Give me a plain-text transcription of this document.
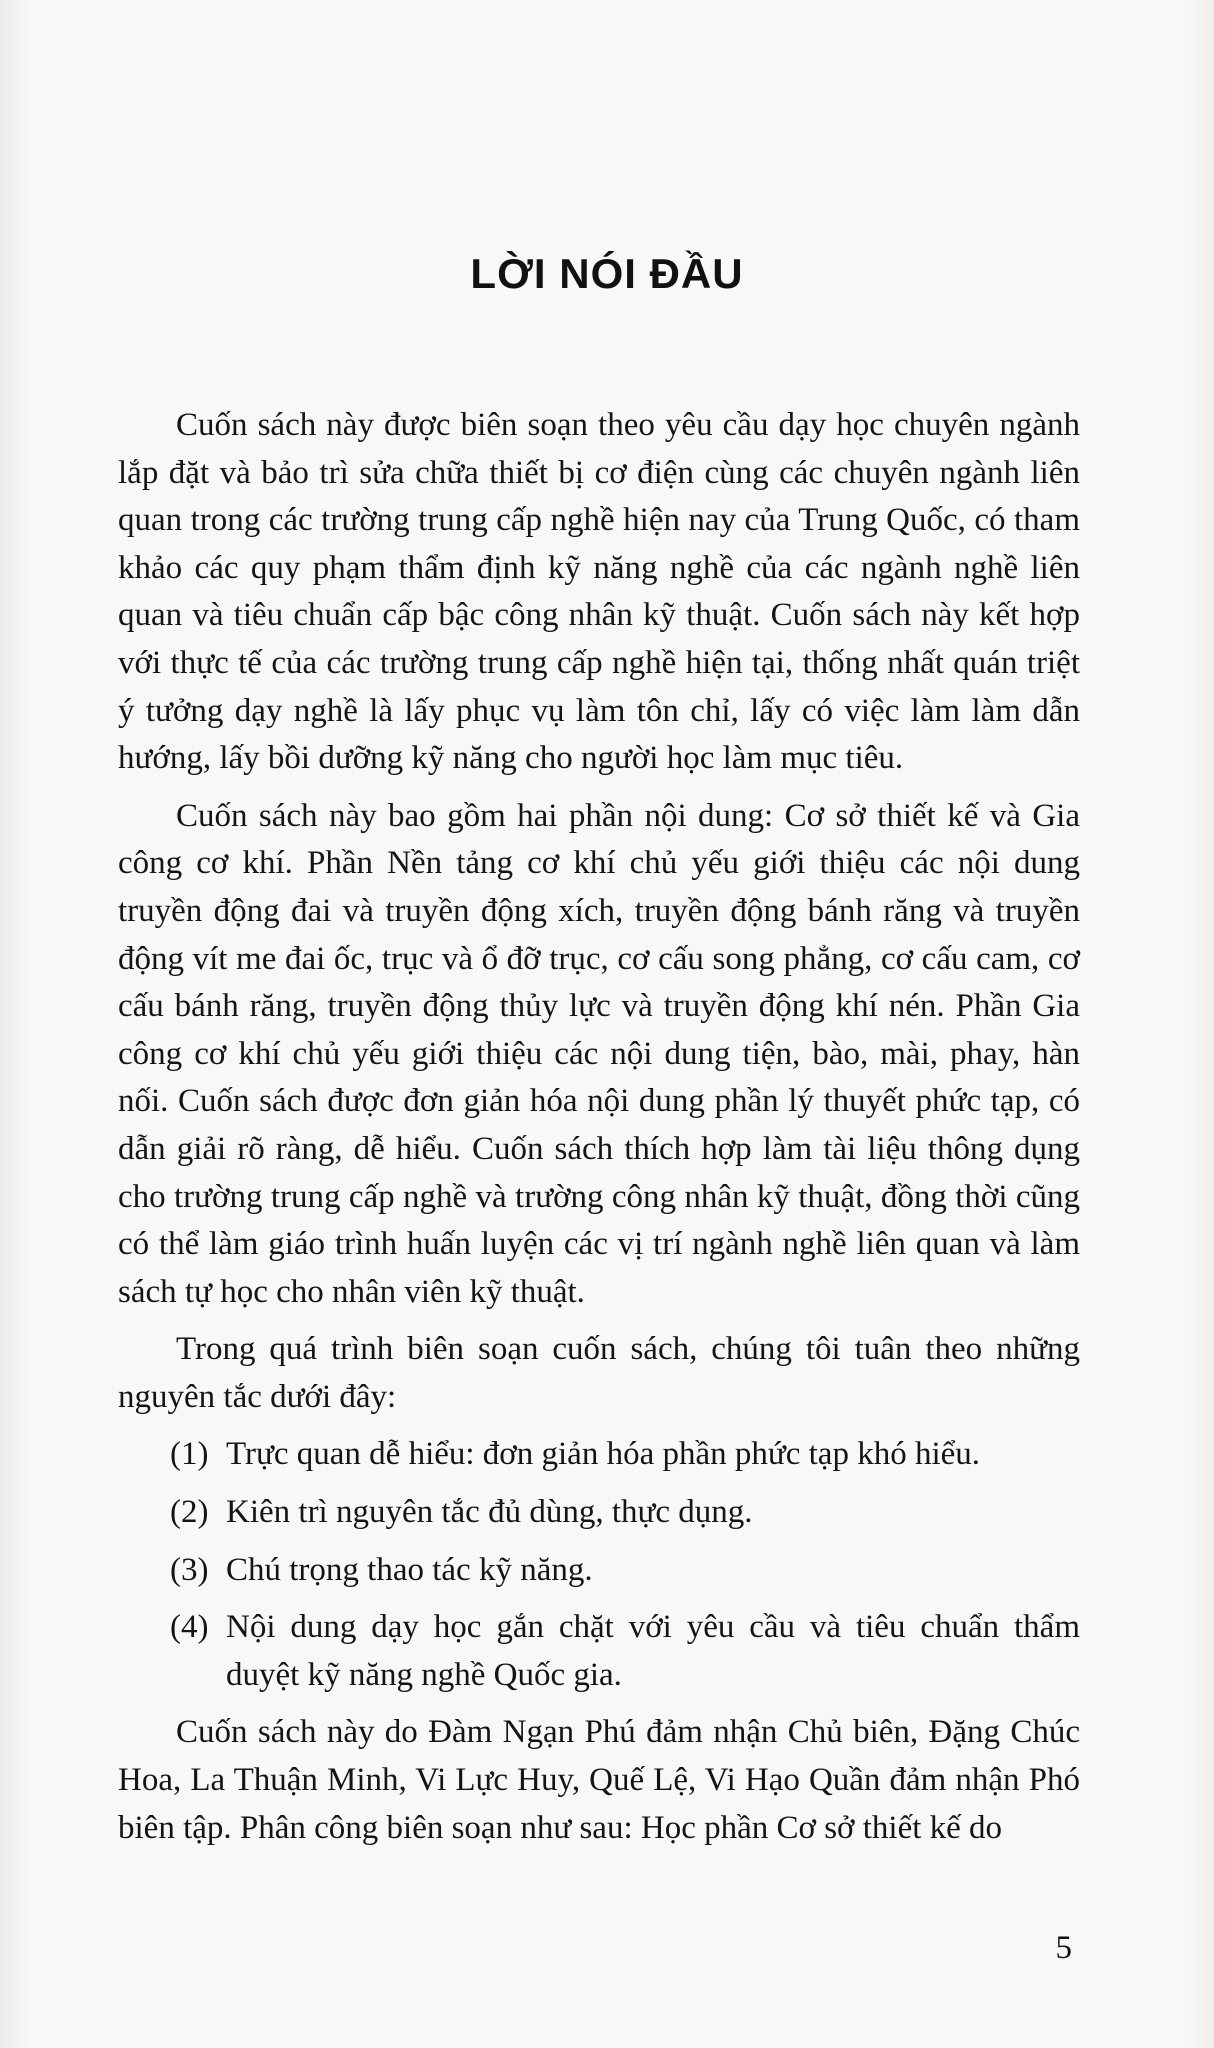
LỜI NÓI ĐẦU

Cuốn sách này được biên soạn theo yêu cầu dạy học chuyên ngành lắp đặt và bảo trì sửa chữa thiết bị cơ điện cùng các chuyên ngành liên quan trong các trường trung cấp nghề hiện nay của Trung Quốc, có tham khảo các quy phạm thẩm định kỹ năng nghề của các ngành nghề liên quan và tiêu chuẩn cấp bậc công nhân kỹ thuật. Cuốn sách này kết hợp với thực tế của các trường trung cấp nghề hiện tại, thống nhất quán triệt ý tưởng dạy nghề là lấy phục vụ làm tôn chỉ, lấy có việc làm làm dẫn hướng, lấy bồi dưỡng kỹ năng cho người học làm mục tiêu.

Cuốn sách này bao gồm hai phần nội dung: Cơ sở thiết kế và Gia công cơ khí. Phần Nền tảng cơ khí chủ yếu giới thiệu các nội dung truyền động đai và truyền động xích, truyền động bánh răng và truyền động vít me đai ốc, trục và ổ đỡ trục, cơ cấu song phẳng, cơ cấu cam, cơ cấu bánh răng, truyền động thủy lực và truyền động khí nén. Phần Gia công cơ khí chủ yếu giới thiệu các nội dung tiện, bào, mài, phay, hàn nối. Cuốn sách được đơn giản hóa nội dung phần lý thuyết phức tạp, có dẫn giải rõ ràng, dễ hiểu. Cuốn sách thích hợp làm tài liệu thông dụng cho trường trung cấp nghề và trường công nhân kỹ thuật, đồng thời cũng có thể làm giáo trình huấn luyện các vị trí ngành nghề liên quan và làm sách tự học cho nhân viên kỹ thuật.

Trong quá trình biên soạn cuốn sách, chúng tôi tuân theo những nguyên tắc dưới đây:

(1) Trực quan dễ hiểu: đơn giản hóa phần phức tạp khó hiểu.
(2) Kiên trì nguyên tắc đủ dùng, thực dụng.
(3) Chú trọng thao tác kỹ năng.
(4) Nội dung dạy học gắn chặt với yêu cầu và tiêu chuẩn thẩm duyệt kỹ năng nghề Quốc gia.

Cuốn sách này do Đàm Ngạn Phú đảm nhận Chủ biên, Đặng Chúc Hoa, La Thuận Minh, Vi Lực Huy, Quế Lệ, Vi Hạo Quần đảm nhận Phó biên tập. Phân công biên soạn như sau: Học phần Cơ sở thiết kế do

5
